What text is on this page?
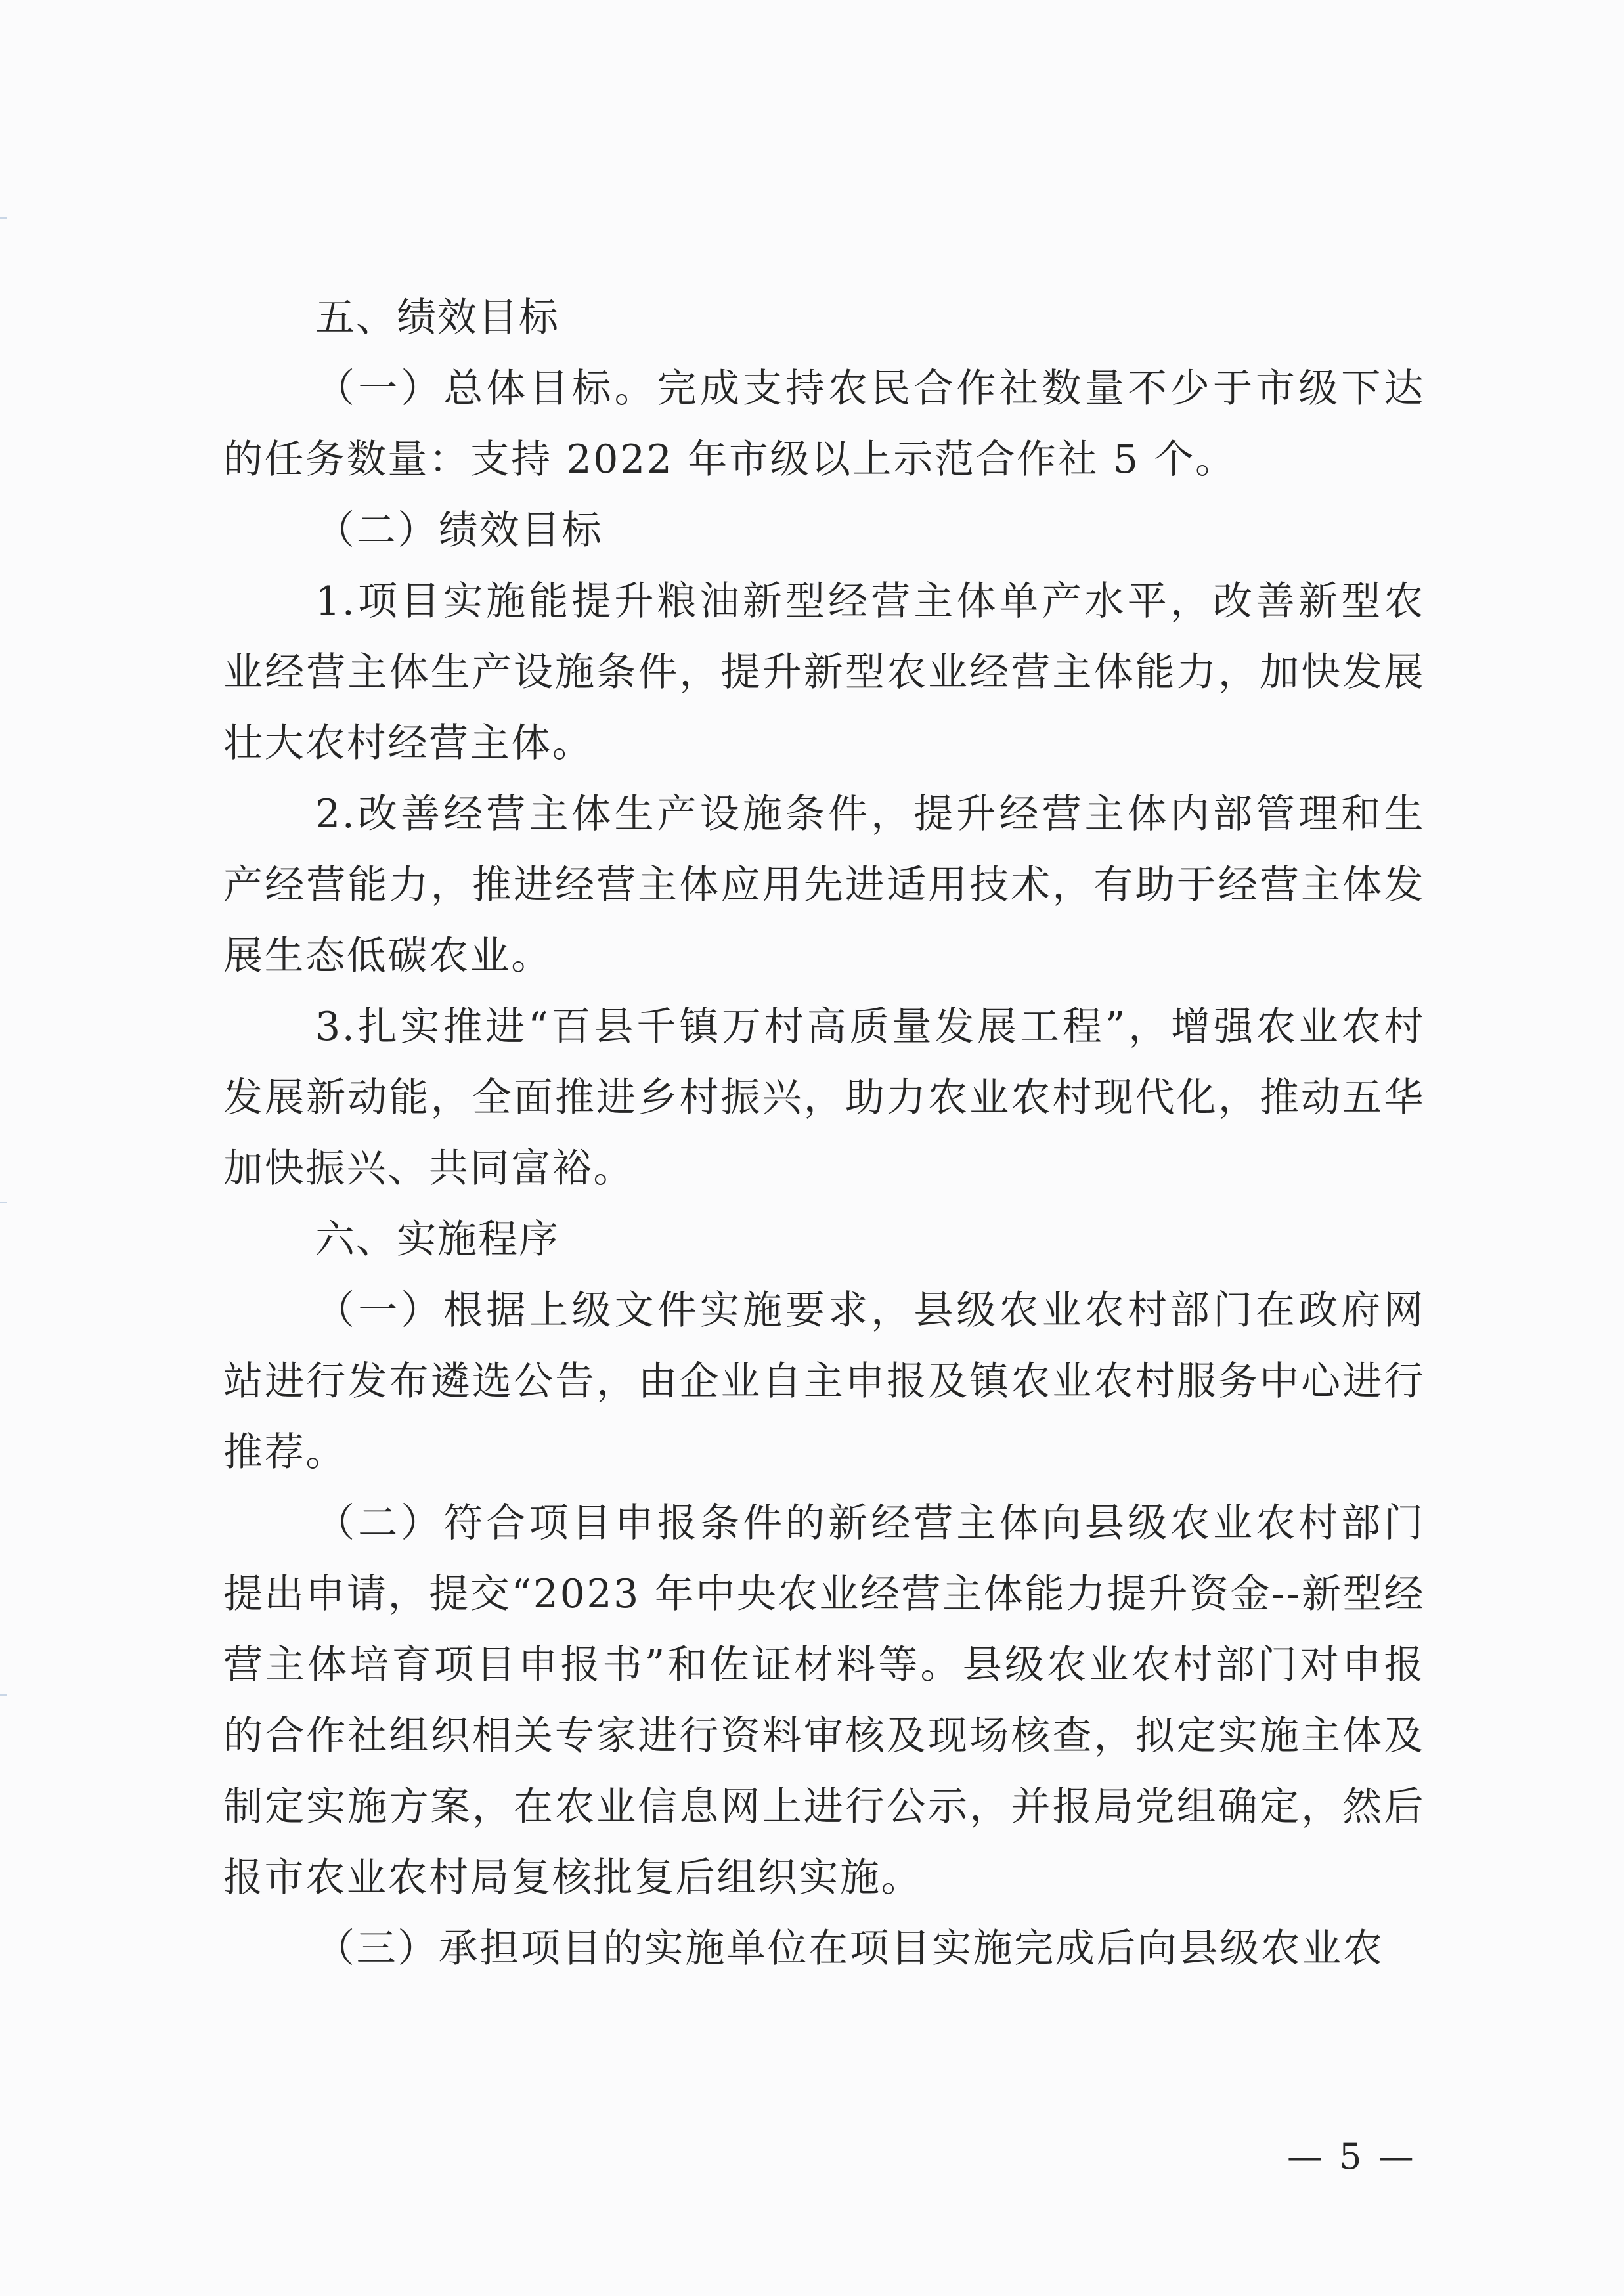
五、绩效目标

（一）总体目标。完成支持农民合作社数量不少于市级下达的任务数量：支持 2022 年市级以上示范合作社 5 个。

（二）绩效目标

1.项目实施能提升粮油新型经营主体单产水平，改善新型农业经营主体生产设施条件，提升新型农业经营主体能力，加快发展壮大农村经营主体。

2.改善经营主体生产设施条件，提升经营主体内部管理和生产经营能力，推进经营主体应用先进适用技术，有助于经营主体发展生态低碳农业。

3.扎实推进“百县千镇万村高质量发展工程”，增强农业农村发展新动能，全面推进乡村振兴，助力农业农村现代化，推动五华加快振兴、共同富裕。

六、实施程序

（一）根据上级文件实施要求，县级农业农村部门在政府网站进行发布遴选公告，由企业自主申报及镇农业农村服务中心进行推荐。

（二）符合项目申报条件的新经营主体向县级农业农村部门提出申请，提交“2023 年中央农业经营主体能力提升资金--新型经营主体培育项目申报书”和佐证材料等。县级农业农村部门对申报的合作社组织相关专家进行资料审核及现场核查，拟定实施主体及制定实施方案，在农业信息网上进行公示，并报局党组确定，然后报市农业农村局复核批复后组织实施。

（三）承担项目的实施单位在项目实施完成后向县级农业农

— 5 —
